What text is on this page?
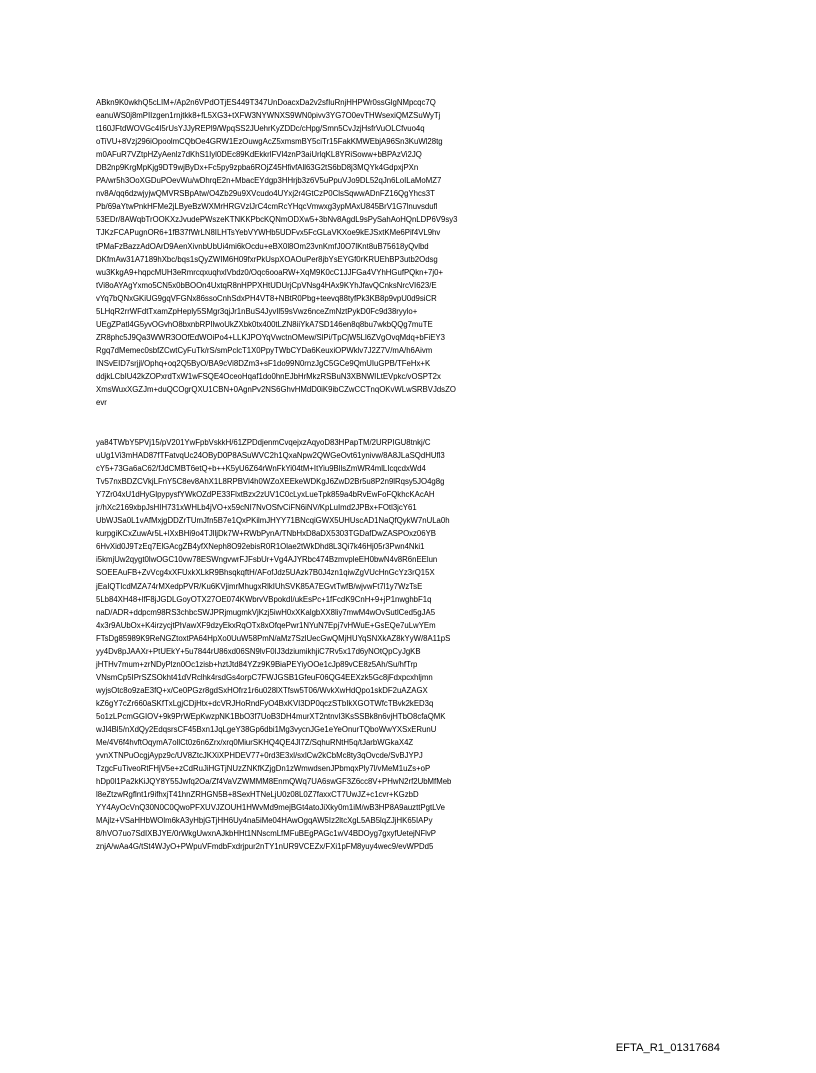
ABkn9K0wkhQ5cLIM+/Ap2n6VPdOTjES449T347UnDoacxDa2v2sfIuRnjHHPWr0ssGlgNMpcqc7Q
eanuWS0j8mPIIzgen1rnjtkk8+fL5XG3+tXFW3NYWNXS9WN0pivv3YG7O0evTHWsexiQMZSuWyTj
t160JFtdWOVGc4I5rUsYJJyREPl9/WpqSS2JUehrKyZDDc/cHpg/Smn5CvJzjHsfrVuOLCfvuo4q
oTiVU+8Vzj296iOpoolmCQbOe4GRW1EzOuwgAcZ5xmsmBY5ciTr15FakKMWEbjA96Sn3KuWl28tg
m0AFuR7VZtpHZyAenlz7dKhS1Iyl0DEc89KdEkkrlFVl4znP3aiUrlqKL8YRiSoww+bBPAzVi2JQ
DB2np9KrgMpKjg9DT9wjByDx+Fc5py9zpba6ROjZ45HfivfAll63G2tS6bD8j3MQYk4GdpxjPXn
PA/wr5h3OoXGDuPOevWu/wDhrqE2n+MbacEYdgp3HHrjb3z6V5uPpuVJo9DL52qJn6LoILaMoMZ7
nv8A/qq6dzwjyjwQMVRSBpAtw/O4Zb29u9XVcudo4UYxj2r4GtCzP0ClsSqwwADnFZ16QgYhcs3T
Pb/69aYtwPnkHFMe2jLByeBzWXMrHRGVzlJrC4cmRcYHqcVmwxg3ypMAxU845BrV1G7lnuvsdufl
53EDr/8AWqbTrOOKXzJvudePWszeKTNKKPbcKQNmODXw5+3bNv8AgdL9sPySahAoHQnLDP6V9sy3
TJKzFCAPugnOR6+1fB37fWrLN8ILHTsYebVYWHb5UDFvx5FcGLaVKXoe9kEJSxtKMe6Pif4VL9hv
tPMaFzBazzAdOArD9AenXivnbUbUi4mi6kOcdu+eBX0l8Om23vnKmfJ0O7lKnt8uB75618yQvlbd
DKfmAw31A7189hXbc/bqs1sQyZWIM6H09fxrPkUspXOAOuPer8jbYsEYGf0rKRUEhBP3utb2Odsg
wu3KkgA9+hqpcMUH3eRmrcqxuqhxlVbdz0/Oqc6ooaRW+XqM9K0cC1JJFGa4VYhHGufPQkn+7j0+
tVi8oAYAgYxmo5CN5x0bBOOn4UxtqR8nHPPXHtUDUrjCpVNsg4HAx9KYhJfavQCnksNrcVI623/E
vYq7bQNxGKiUG9gqVFGNx86ssoCnhSdxPH4VT8+NBtR0Pbg+teevq88tyfPk3KB8p9vpU0d9siCR
5LHqR2rrWFdtTxamZpHeply5SMgr3qjJr1nBuS4JyvIl59sVwz6nceZmNztPykD0Fc9d38ryylo+
UEgZPatl4G5yvOGvhO8bxnbRPIlwoUkZXbk0tx400tLZN8iiYkA7SD146en8q8bu7wkbQQg7muTE
ZR8phc5J9Qa3WWR3OOfEdWOiPo4+LLKJPOYqVwctnOMew/SlPi/TpCjW5Ll6ZVgOvqMdq+bFiEY3
Rgq7dMemec0sbfZCwtCyFuTk/rS/smPclcT1X0PpyTWbCYDa6KeuxiOPWklv7J2Z7V/mA/h6Aivm
INSvEID7srjjl/Ophq+oq2Q5ByO/BA9cVi8DZm3+sF1do99N0rnzJgC5GCe9QmUIuGPB/TFeHx+K
ddjkLCbIU42kZOPxrdTxW1wFSQE4OceoHqaf1do0hnEJbHrMkzRSBuN3XBNWILtEVpkc/vOSPT2x
XmsWuxXGZJm+duQCOgrQXU1CBN+0AgnPv2NS6GhvHMdD0iK9ibCZwCCTnqOKvWLwSRBVJdsZO
evr
ya84TWbY5PVj15/pV201YwFpbVskkH/61ZPDdjenmCvqejxzAqyoD83HPapTM/2URPIGU8tnkj/C
uUg1Vi3mHAD87fTFatvqUc24OByD0P8ASuWVC2h1QxaNpw2QWGeOvt61ynivw/8A8JLaSQdHUfl3
cY5+73Ga6aC62/fJdCMBT6etQ+b++K5yU6Z64rWnFkYi04tM+ItYiu9BllsZmWR4mlLIcqcdxWd4
Tv57nxBDZCVkjLFnY5C8ev8AhX1L8RPBVl4h0WZoXEEkeWDKgJ6ZwD2Br5u8P2n9lRqsy5JO4g8g
Y7Zr04xU1dHyGlpypysfYWkOZdPE33FlxtBzx2zUV1C0cLyxLueTpk859a4bRvEwFoFQkhcKAcAH
jr/hXc2169xbpJsHIH731xWHLb4jVO+x59cNI7NvOSfvCiFN6iNV/KpLuImd2JPBx+FOtl3jcY61
UbWJSa0L1vAfMxjgDDZrTUmJfn5B7e1QxPKilmJHYY71BNcqiGWX5UHUscAD1NaQfQykW7nULa0h
kurpgiKCxZuwAr5L+lXxBHi9o4TJlljDk7W+RWbPynA/TNbHxD8aDX5303TGDafDwZASPOxz06YB
6HvXid0J9TzEq7ElGAcgZB4yfXNeph8O92ebisR0R1Olae2tWkDhd8L3Qi7k46Hj05r3Pwn4Nki1
i5kmjUw2qygt0lwOGC10vw78ESWngvwrFJFsbUr+Vg4AJYRbc474BzmvpleEH0bwN4v8R6nEElun
SOEEAuFB+ZvVcg4xXFUxkXLkR9BhsqkqftH/AFofJdz5UAzk7B0J4zn1qiwZgVUcHnGcYz3rQ15X
jEaIQTIcdMZA74rMXedpPVR/Ku6KVjimrMhugxRlkIUhSVK85A7EGvtTwfB/wjvwFt7l1y7WzTsE
5Lb84XH48+lfF8jJGDLGoyOTX27OE074KWbrvVBpokdI/ukEsPc+1fFcdK9CnH+9+jP1nwghbF1q
naD/ADR+ddpcm98RS3chbcSWJPRjmugmkVjKzj5iwH0xXKalgbXX8liy7mwM4wOvSutlCed5gJA5
4x3r9AUbOx+K4irzycjtPh/awXF9dzyEkxRqOTx8xOfqePwr1NYuN7Epj7vHWuE+GsEQe7uLwYEm
FTsDg85989K9ReNGZtoxtPA64HpXo0UuW58PmN/aMz7SzlUecGwQMjHUYqSNXkAZ8kYyW/8A11pS
yy4Dv8pJAAXr+PtUEkY+5u7844rU86xd06SN9lvF0IJ3dziumikhjiC7Rv5x17d6yNOtQpCyJgKB
jHTHv7mum+zrNDyPlzn0Oc1zisb+hztJtd84YZz9K9BiaPEYiyOOe1cJp89vCE8z5Ah/Su/hfTrp
VNsmCp5IPrSZSOkht41dVRclhk4rsdGs4orpC7FWJGSB1GfeuF06QG4EEXzk5Gc8jFdxpcxhljmn
wyjsOtc8o9zaE3fQ+x/Ce0PGzr8gdSxHOfrz1r6u028lXTfsw5T06/WvkXwHdQpo1skDF2uAZAGX
kZ6gY7cZr660aSKfTxLgjCDjHtx+dcVRJHoRndFyO4BxKVI3DP0qczSTbIkXGOTWfcTBvk2kED3q
5o1zLPcmGGIOV+9k9PrWEpKwzpNK1BbO3f7UoB3DH4murXT2ntnvI3KsSSBk8n6vjHTbO8cfaQMK
wJl4Bl5/nXdQy2EdqsrsCF45Bxn1JqLgeY38Gp6dbi1Mg3vycnJGe1eYeOnurTQboWwYXSxERunU
Me/4V6f4hvftOqymA7ollCt0z6n6Zrx/xrq0MiurSKHQ4QE4Jl7Z/SqhuRNtH5q/tJarbWGkaX4Z
yvnXTNPuOcgjAypz9c/UV8ZtcJKXiXPHDEV77+0rd3E3xl/sxlCw2kCbMc8ty3qOvcde/SvBJYPJ
TzgcFuTiveoRtFHjV5e+zCdRuJiHGTjNUzZNKfKZjgDn1zWmwdsenJPbmqxPly7l/vMeM1uZs+oP
hDp0l1Pa2kKiJQY8Y55Jwfq2Oa/Zf4VaVZWMMM8EnmQWq7UA6swGF3Z6cc8V+PHwN2rf2UbMfMeb
l8eZtzwRgflnt1r9ifhxjT41hnZRHGN5B+8SexHTNeLjU0z08L0Z7faxxCT7UwJZ+c1cvr+KGzbD
YY4AyOcVnQ30N0C0QwoPFXUVJZOUH1HWvMd9mejBGt4atoJiXky0m1iM/wB3HP8A9auzttPgtLVe
MAjlz+VSaHHbWOlm6kA3yHbjGTjHH6Uy4na5iMe04HAwOgqAW5Iz2ltcXgL5AB5lqZJjHK65IAPy
8/hVO7uo7SdIXBJYE/0rWkgUwxnAJkbHHt1NNscmLfMFuBEgPAGc1wV4BDOyg7gxyfUetejNFlvP
znjA/wAa4G/tSt4WJyO+PWpuVFmdbFxdrjpur2nTY1nUR9VCEZx/FXi1pFM8yuy4wec9/evWPDd5
EFTA_R1_01317684
